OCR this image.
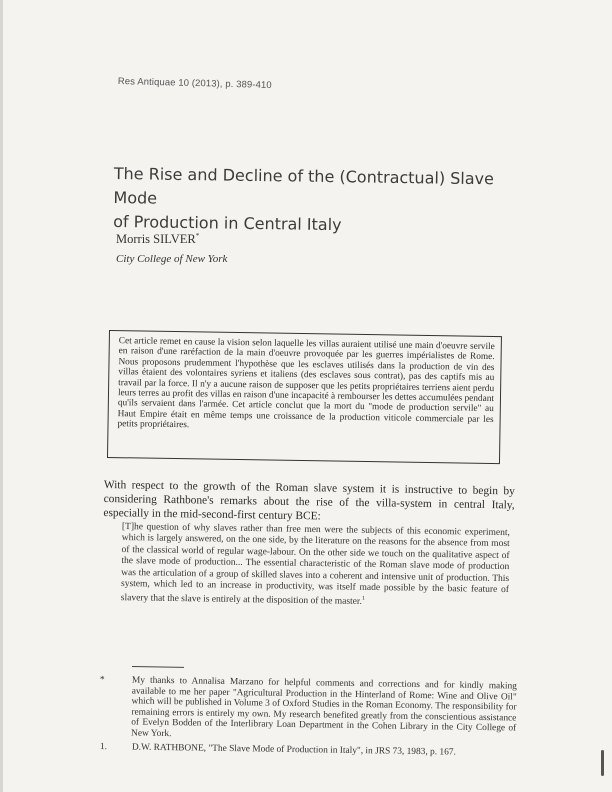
Res Antiquae 10 (2013), p. 389-410
The Rise and Decline of the (Contractual) Slave Mode
of Production in Central Italy
Morris SILVER*
City College of New York

Cet article remet en cause la vision selon laquelle les villas auraient utilisé une main d'oeuvre servile en raison d'une raréfaction de la main d'oeuvre provoquée par les guerres impérialistes de Rome. Nous proposons prudemment l'hypothèse que les esclaves utilisés dans la production de vin des villas étaient des volontaires syriens et italiens (des esclaves sous contrat), pas des captifs mis au travail par la force. Il n'y a aucune raison de supposer que les petits propriétaires terriens aient perdu leurs terres au profit des villas en raison d'une incapacité à rembourser les dettes accumulées pendant qu'ils servaient dans l'armée. Cet article conclut que la mort du "mode de production servile" au Haut Empire était en même temps une croissance de la production viticole commerciale par les petits propriétaires.

With respect to the growth of the Roman slave system it is instructive to begin by considering Rathbone's remarks about the rise of the villa-system in central Italy, especially in the mid-second-first century BCE:

[T]he question of why slaves rather than free men were the subjects of this economic experiment, which is largely answered, on the one side, by the literature on the reasons for the absence from most of the classical world of regular wage-labour. On the other side we touch on the qualitative aspect of the slave mode of production... The essential characteristic of the Roman slave mode of production was the articulation of a group of skilled slaves into a coherent and intensive unit of production. This system, which led to an increase in productivity, was itself made possible by the basic feature of slavery that the slave is entirely at the disposition of the master.$^1$

*	My thanks to Annalisa Marzano for helpful comments and corrections and for kindly making available to me her paper "Agricultural Production in the Hinterland of Rome: Wine and Olive Oil" which will be published in Volume 3 of Oxford Studies in the Roman Economy. The responsibility for remaining errors is entirely my own. My research benefited greatly from the conscientious assistance of Evelyn Bodden of the Interlibrary Loan Department in the Cohen Library in the City College of New York.
1.	D.W. RATHBONE, "The Slave Mode of Production in Italy", in JRS 73, 1983, p. 167.
